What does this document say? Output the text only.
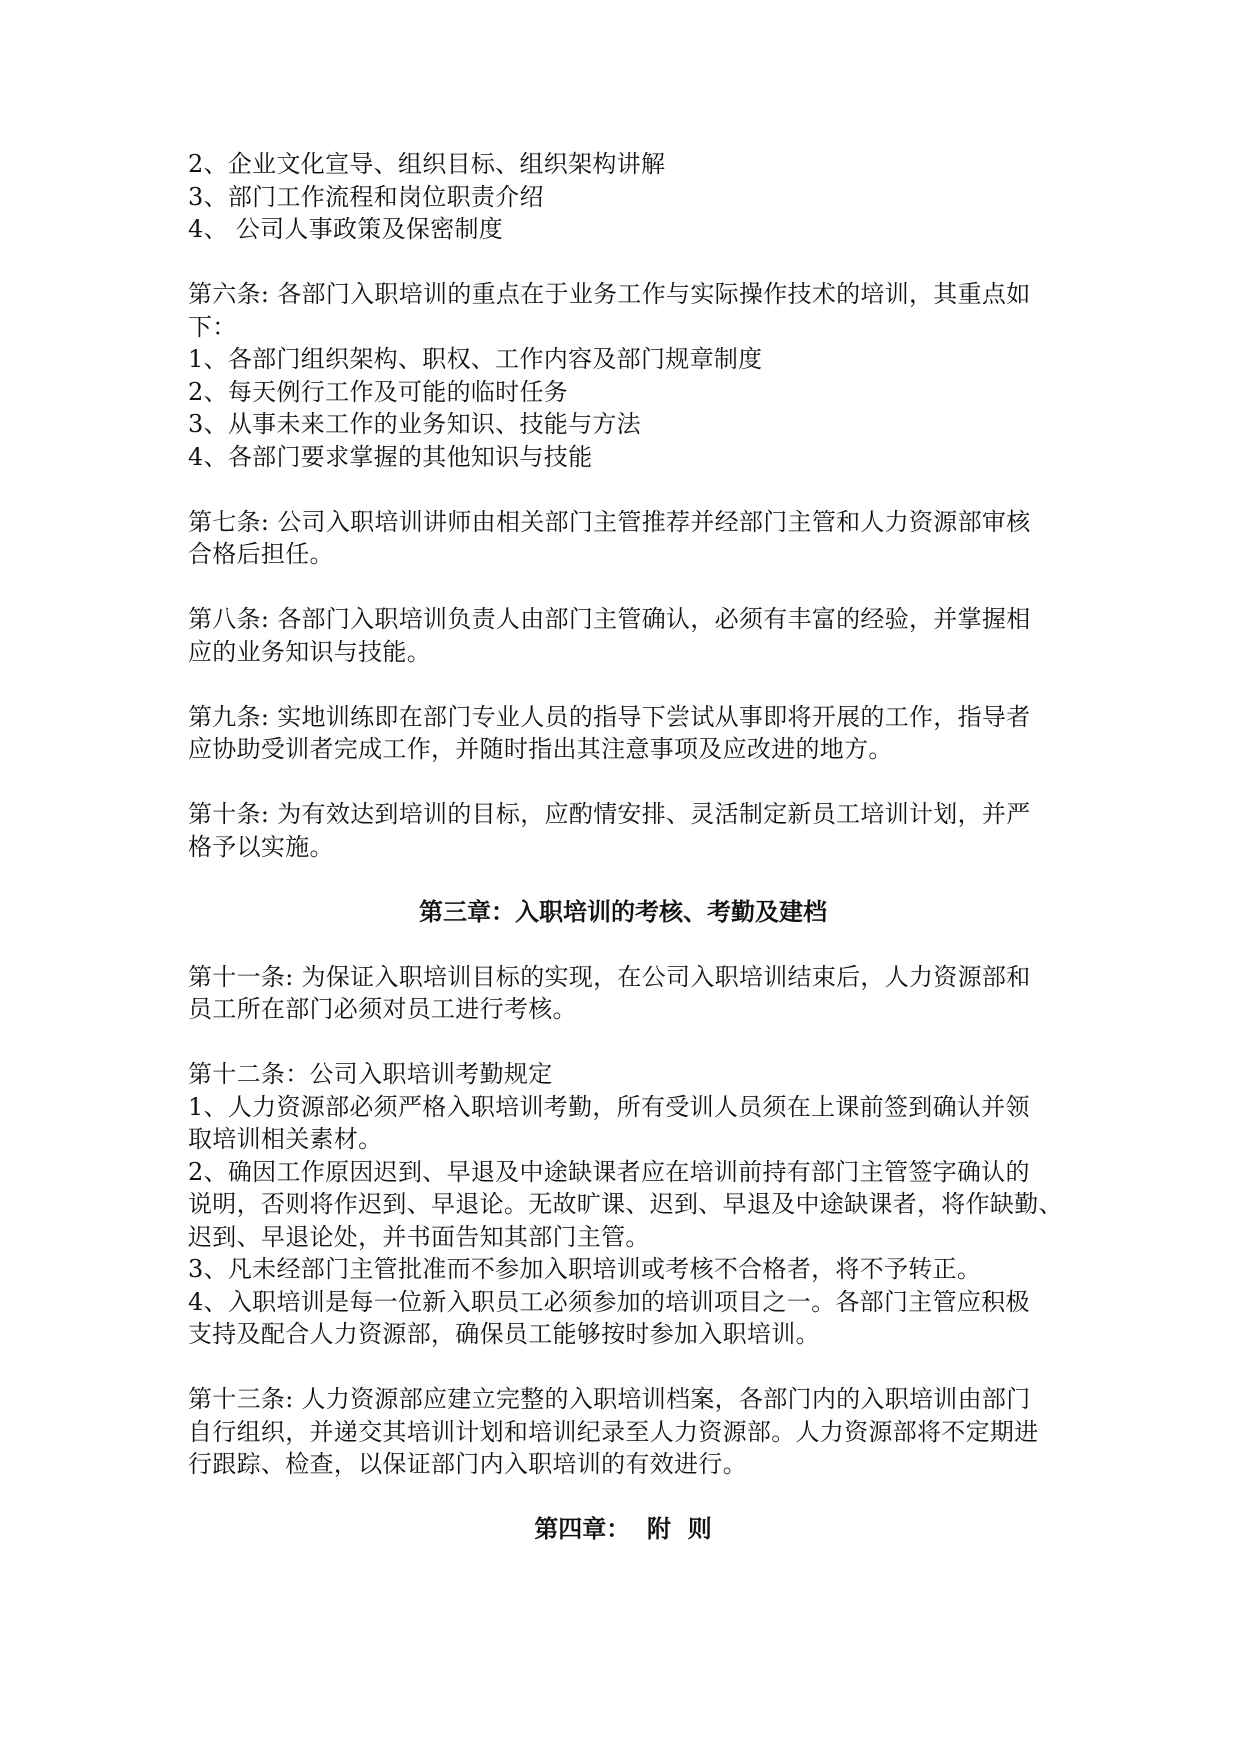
2、企业文化宣导、组织目标、组织架构讲解
3、部门工作流程和岗位职责介绍
4、 公司人事政策及保密制度
第六条: 各部门入职培训的重点在于业务工作与实际操作技术的培训，其重点如
下：
1、各部门组织架构、职权、工作内容及部门规章制度
2、每天例行工作及可能的临时任务
3、从事未来工作的业务知识、技能与方法
4、各部门要求掌握的其他知识与技能
第七条: 公司入职培训讲师由相关部门主管推荐并经部门主管和人力资源部审核
合格后担任。
第八条: 各部门入职培训负责人由部门主管确认，必须有丰富的经验，并掌握相
应的业务知识与技能。
第九条: 实地训练即在部门专业人员的指导下尝试从事即将开展的工作，指导者
应协助受训者完成工作，并随时指出其注意事项及应改进的地方。
第十条: 为有效达到培训的目标，应酌情安排、灵活制定新员工培训计划，并严
格予以实施。
第三章：入职培训的考核、考勤及建档
第十一条: 为保证入职培训目标的实现，在公司入职培训结束后，人力资源部和
员工所在部门必须对员工进行考核。
第十二条：公司入职培训考勤规定
1、人力资源部必须严格入职培训考勤，所有受训人员须在上课前签到确认并领
取培训相关素材。
2、确因工作原因迟到、早退及中途缺课者应在培训前持有部门主管签字确认的
说明，否则将作迟到、早退论。无故旷课、迟到、早退及中途缺课者，将作缺勤、
迟到、早退论处，并书面告知其部门主管。
3、凡未经部门主管批准而不参加入职培训或考核不合格者，将不予转正。
4、入职培训是每一位新入职员工必须参加的培训项目之一。各部门主管应积极
支持及配合人力资源部，确保员工能够按时参加入职培训。
第十三条: 人力资源部应建立完整的入职培训档案，各部门内的入职培训由部门
自行组织，并递交其培训计划和培训纪录至人力资源部。人力资源部将不定期进
行跟踪、检查，以保证部门内入职培训的有效进行。
第四章：  附  则
